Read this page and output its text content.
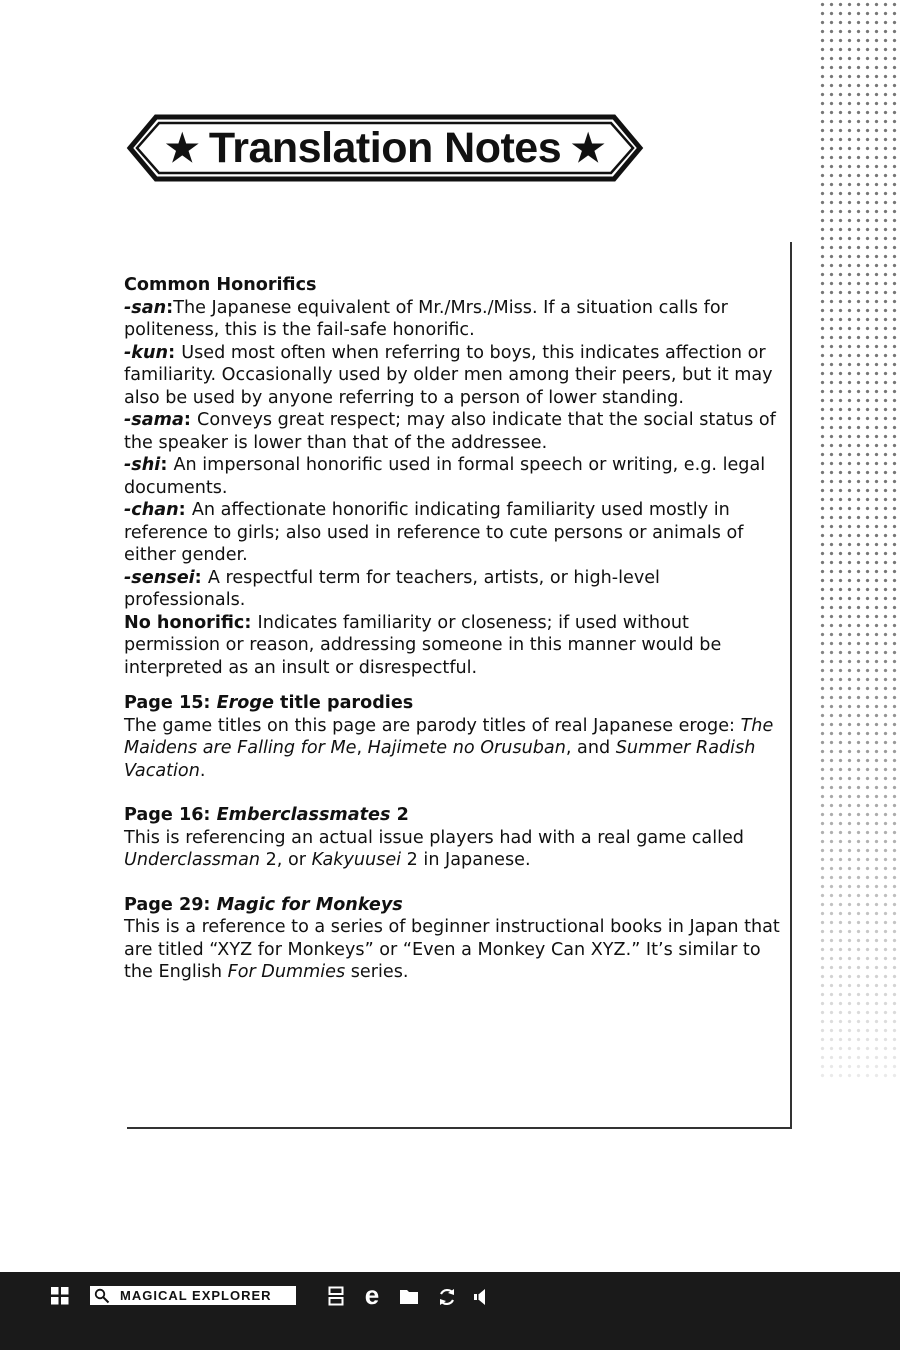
★ Translation Notes ★

Common Honorifics

-san:The Japanese equivalent of Mr./Mrs./Miss. If a situation calls for politeness, this is the fail-safe honorific.

-kun: Used most often when referring to boys, this indicates affection or familiarity. Occasionally used by older men among their peers, but it may also be used by anyone referring to a person of lower standing.

-sama: Conveys great respect; may also indicate that the social status of the speaker is lower than that of the addressee.

-shi: An impersonal honorific used in formal speech or writing, e.g. legal documents.

-chan: An affectionate honorific indicating familiarity used mostly in reference to girls; also used in reference to cute persons or animals of either gender.

-sensei: A respectful term for teachers, artists, or high-level professionals.

No honorific: Indicates familiarity or closeness; if used without permission or reason, addressing someone in this manner would be interpreted as an insult or disrespectful.

Page 15: Eroge title parodies

The game titles on this page are parody titles of real Japanese eroge: The Maidens are Falling for Me, Hajimete no Orusuban, and Summer Radish Vacation.

Page 16: Emberclassmates 2

This is referencing an actual issue players had with a real game called Underclassman 2, or Kakyuusei 2 in Japanese.

Page 29: Magic for Monkeys

This is a reference to a series of beginner instructional books in Japan that are titled “XYZ for Monkeys” or “Even a Monkey Can XYZ.” It’s similar to the English For Dummies series.

MAGICAL EXPLORER	e
